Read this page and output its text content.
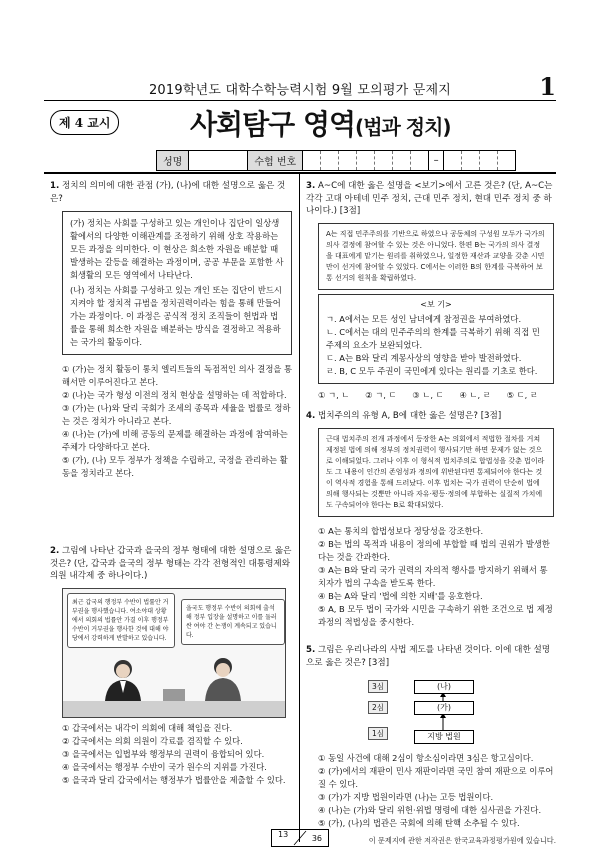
2019학년도 대학수학능력시험 9월 모의평가 문제지	1
제 4 교시	사회탐구 영역(법과 정치)
성명	수험 번호	–
1. 정치의 의미에 대한 관점 (가), (나)에 대한 설명으로 옳은 것은?

(가) 정치는 사회를 구성하고 있는 개인이나 집단이 일상생활에서의 다양한 이해관계를 조정하기 위해 상호 작용하는 모든 과정을 의미한다. 이 현상은 희소한 자원을 배분할 때 발생하는 갈등을 해결하는 과정이며, 공공 부문을 포함한 사회생활의 모든 영역에서 나타난다.

(나) 정치는 사회를 구성하고 있는 개인 또는 집단이 반드시 지켜야 할 정치적 규범을 정치권력이라는 힘을 통해 만들어 가는 과정이다. 이 과정은 공식적 정치 조직들이 헌법과 법률을 통해 희소한 자원을 배분하는 방식을 결정하고 적용하는 국가의 활동이다.

① (가)는 정치 활동이 통치 엘리트들의 독점적인 의사 결정을 통해서만 이루어진다고 본다.
② (나)는 국가 형성 이전의 정치 현상을 설명하는 데 적합하다.
③ (가)는 (나)와 달리 국회가 조세의 종목과 세율을 법률로 정하는 것은 정치가 아니라고 본다.
④ (나)는 (가)에 비해 공동의 문제를 해결하는 과정에 참여하는 주체가 다양하다고 본다.
⑤ (가), (나) 모두 정부가 정책을 수립하고, 국정을 관리하는 활동을 정치라고 본다.
2. 그림에 나타난 갑국과 을국의 정부 형태에 대한 설명으로 옳은 것은? (단, 갑국과 을국의 정부 형태는 각각 전형적인 대통령제와 의원 내각제 중 하나이다.)
최근 갑국의 행정부 수반이 법률안 거부권을 행사했습니다. 여소야대 상황에서 의회의 법률안 가결 이후 행정부 수반이 거부권을 행사한 것에 대해 야당에서 강력하게 반발하고 있습니다.
을국도 행정부 수반이 의회에 출석해 정부 입장을 설명하고 이를 둘러싼 여야 간 논쟁이 계속되고 있습니다.
① 갑국에서는 내각이 의회에 대해 책임을 진다.
② 갑국에서는 의회 의원이 각료를 겸직할 수 있다.
③ 을국에서는 입법부와 행정부의 권력이 융합되어 있다.
④ 을국에서는 행정부 수반이 국가 원수의 지위를 가진다.
⑤ 을국과 달리 갑국에서는 행정부가 법률안을 제출할 수 있다.
3. A~C에 대한 옳은 설명을 <보기>에서 고른 것은? (단, A~C는 각각 고대 아테네 민주 정치, 근대 민주 정치, 현대 민주 정치 중 하나이다.) [3점]
A는 직접 민주주의를 기반으로 하였으나 공동체의 구성원 모두가 국가의 의사 결정에 참여할 수 있는 것은 아니었다. 한편 B는 국가의 의사 결정을 대표에게 맡기는 원리를 취하였으나, 일정한 재산과 교양을 갖춘 시민만이 선거에 참여할 수 있었다. C에서는 이러한 B의 한계를 극복하여 보통 선거의 원칙을 확립하였다.
<보 기>

ㄱ. A에서는 모든 성인 남녀에게 참정권을 부여하였다.

ㄴ. C에서는 대의 민주주의의 한계를 극복하기 위해 직접 민주제의 요소가 보완되었다.

ㄷ. A는 B와 달리 계몽사상의 영향을 받아 발전하였다.

ㄹ. B, C 모두 주권이 국민에게 있다는 원리를 기초로 한다.

① ㄱ, ㄴ ② ㄱ, ㄷ ③ ㄴ, ㄷ ④ ㄴ, ㄹ ⑤ ㄷ, ㄹ
4. 법치주의의 유형 A, B에 대한 옳은 설명은? [3점]
근대 법치주의 전개 과정에서 등장한 A는 의회에서 적법한 절차를 거쳐 제정된 법에 의해 정부의 정치권력이 행사되기만 하면 문제가 없는 것으로 이해되었다. 그러나 이후 이 형식적 법치주의로 합법성을 갖춘 법이라도 그 내용이 인간의 존엄성과 정의에 위반된다면 통제되어야 한다는 것이 역사적 경험을 통해 드러났다. 이후 법치는 국가 권력이 단순히 법에 의해 행사되는 것뿐만 아니라 자유·평등·정의에 부합하는 실질적 가치에도 구속되어야 한다는 B로 확대되었다.
① A는 통치의 합법성보다 정당성을 강조한다.
② B는 법의 목적과 내용이 정의에 부합할 때 법의 권위가 발생한다는 것을 간과한다.
③ A는 B와 달리 국가 권력의 자의적 행사를 방지하기 위해서 통치자가 법의 구속을 받도록 한다.
④ B는 A와 달리 '법에 의한 지배'를 옹호한다.
⑤ A, B 모두 법이 국가와 시민을 구속하기 위한 조건으로 법 제정 과정의 적법성을 중시한다.
5. 그림은 우리나라의 사법 제도를 나타낸 것이다. 이에 대한 설명으로 옳은 것은? [3점]
3심
2심
1심
(나)
(가)
지방 법원
① 동일 사건에 대해 2심이 항소심이라면 3심은 항고심이다.
② (가)에서의 재판이 민사 재판이라면 국민 참여 재판으로 이루어질 수 있다.
③ (가)가 지방 법원이라면 (나)는 고등 법원이다.
④ (나)는 (가)와 달리 위헌·위법 명령에 대한 심사권을 가진다.
⑤ (가), (나)의 법관은 국회에 의해 탄핵 소추될 수 있다.
13	36	이 문제지에 관한 저작권은 한국교육과정평가원에 있습니다.
